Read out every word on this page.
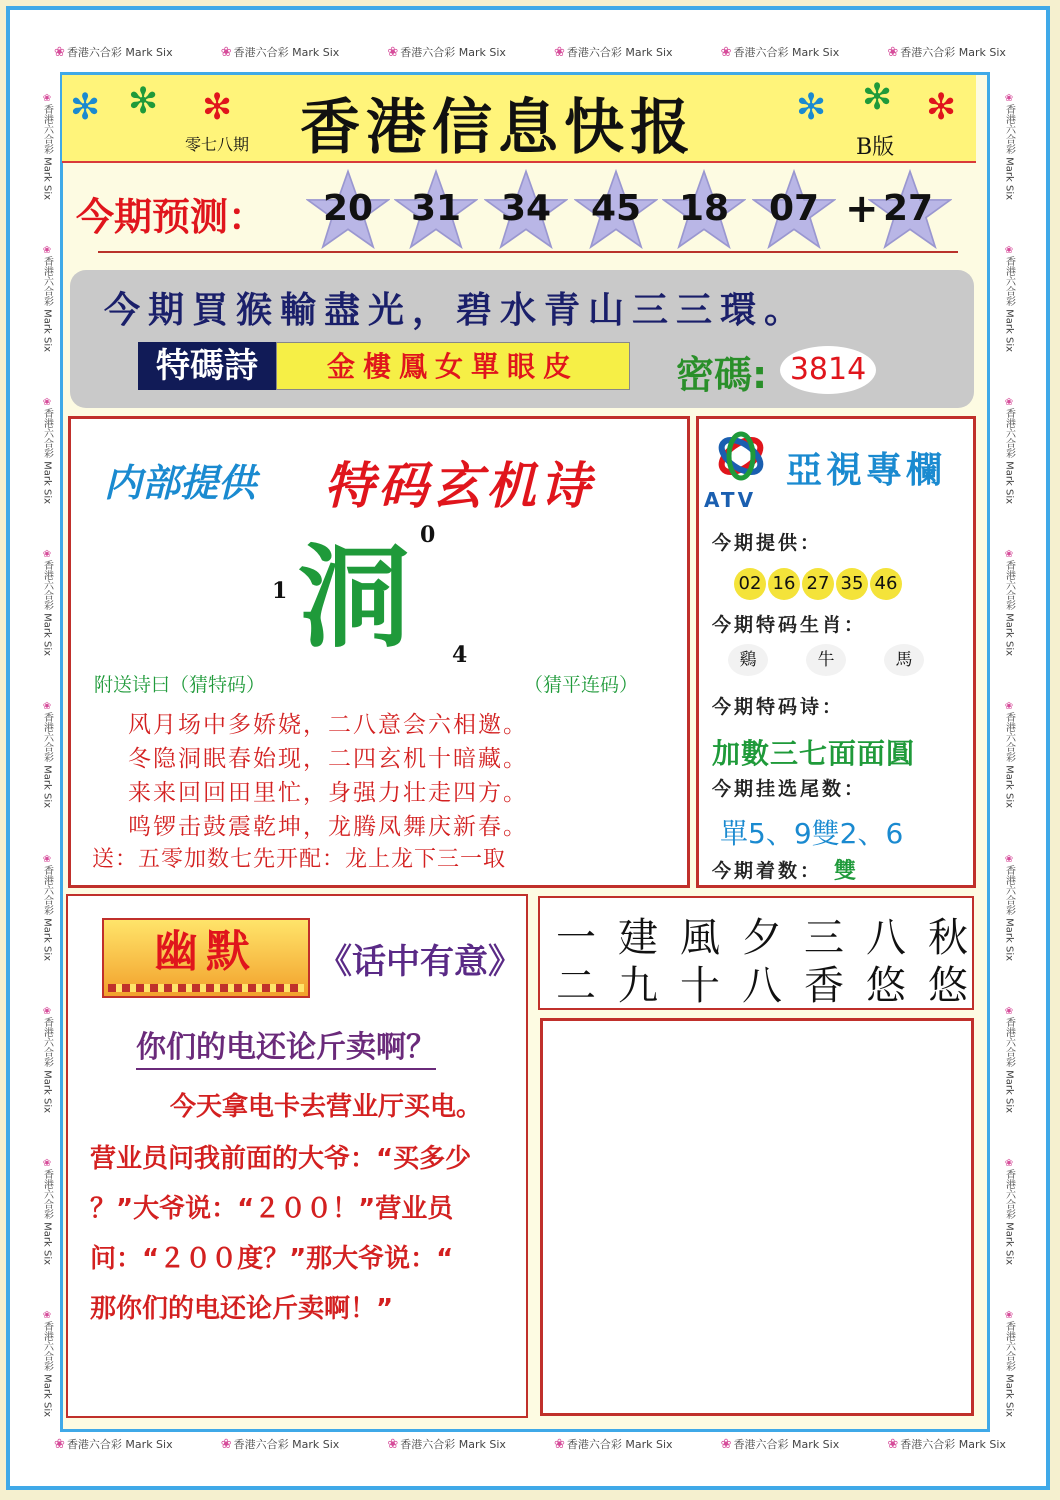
❀ 香港六合彩 Mark Six	❀ 香港六合彩 Mark Six	❀ 香港六合彩 Mark Six	❀ 香港六合彩 Mark Six	❀ 香港六合彩 Mark Six	❀ 香港六合彩 Mark Six
❀ 香港六合彩 Mark Six	❀ 香港六合彩 Mark Six	❀ 香港六合彩 Mark Six	❀ 香港六合彩 Mark Six	❀ 香港六合彩 Mark Six	❀ 香港六合彩 Mark Six
❀香港六合彩 Mark Six
❀香港六合彩 Mark Six
❀香港六合彩 Mark Six
❀香港六合彩 Mark Six
❀香港六合彩 Mark Six
❀香港六合彩 Mark Six
❀香港六合彩 Mark Six
❀香港六合彩 Mark Six
❀香港六合彩 Mark Six
❀香港六合彩 Mark Six
❀香港六合彩 Mark Six
❀香港六合彩 Mark Six
❀香港六合彩 Mark Six
❀香港六合彩 Mark Six
❀香港六合彩 Mark Six
❀香港六合彩 Mark Six
❀香港六合彩 Mark Six
❀香港六合彩 Mark Six
✻ ✻ ✻	✻ ✻ ✻
香港信息快报
零七八期	B版
今期预测：	20	31	34	45	18	07	27
+
今期買猴輸盡光，碧水青山三三環。
特碼詩	金樓鳳女單眼皮	密碼: 3814
内部提供 特码玄机诗
洞 0
1
4
附送诗曰（猜特码）	（猜平连码）
风月场中多娇娆，二八意会六相邀。
冬隐洞眠春始现，二四玄机十暗藏。
来来回回田里忙，身强力壮走四方。
鸣锣击鼓震乾坤，龙腾凤舞庆新春。
送：五零加数七先开配：龙上龙下三一取
ATV
亞視專欄
今期提供：
02 16 27 35 46
今期特码生肖：
鷄	牛	馬
今期特码诗：
加數三七面面圓
今期挂选尾数：
單5、9雙2、6
今期着数： 雙
幽默	《话中有意》
你们的电还论斤卖啊？
今天拿电卡去营业厅买电。
营业员问我前面的大爷：“买多少
？”大爷说：“２００！”营业员
问：“２００度？”那大爷说：“
那你们的电还论斤卖啊！”
一建風夕三八秋
二九十八香悠悠
